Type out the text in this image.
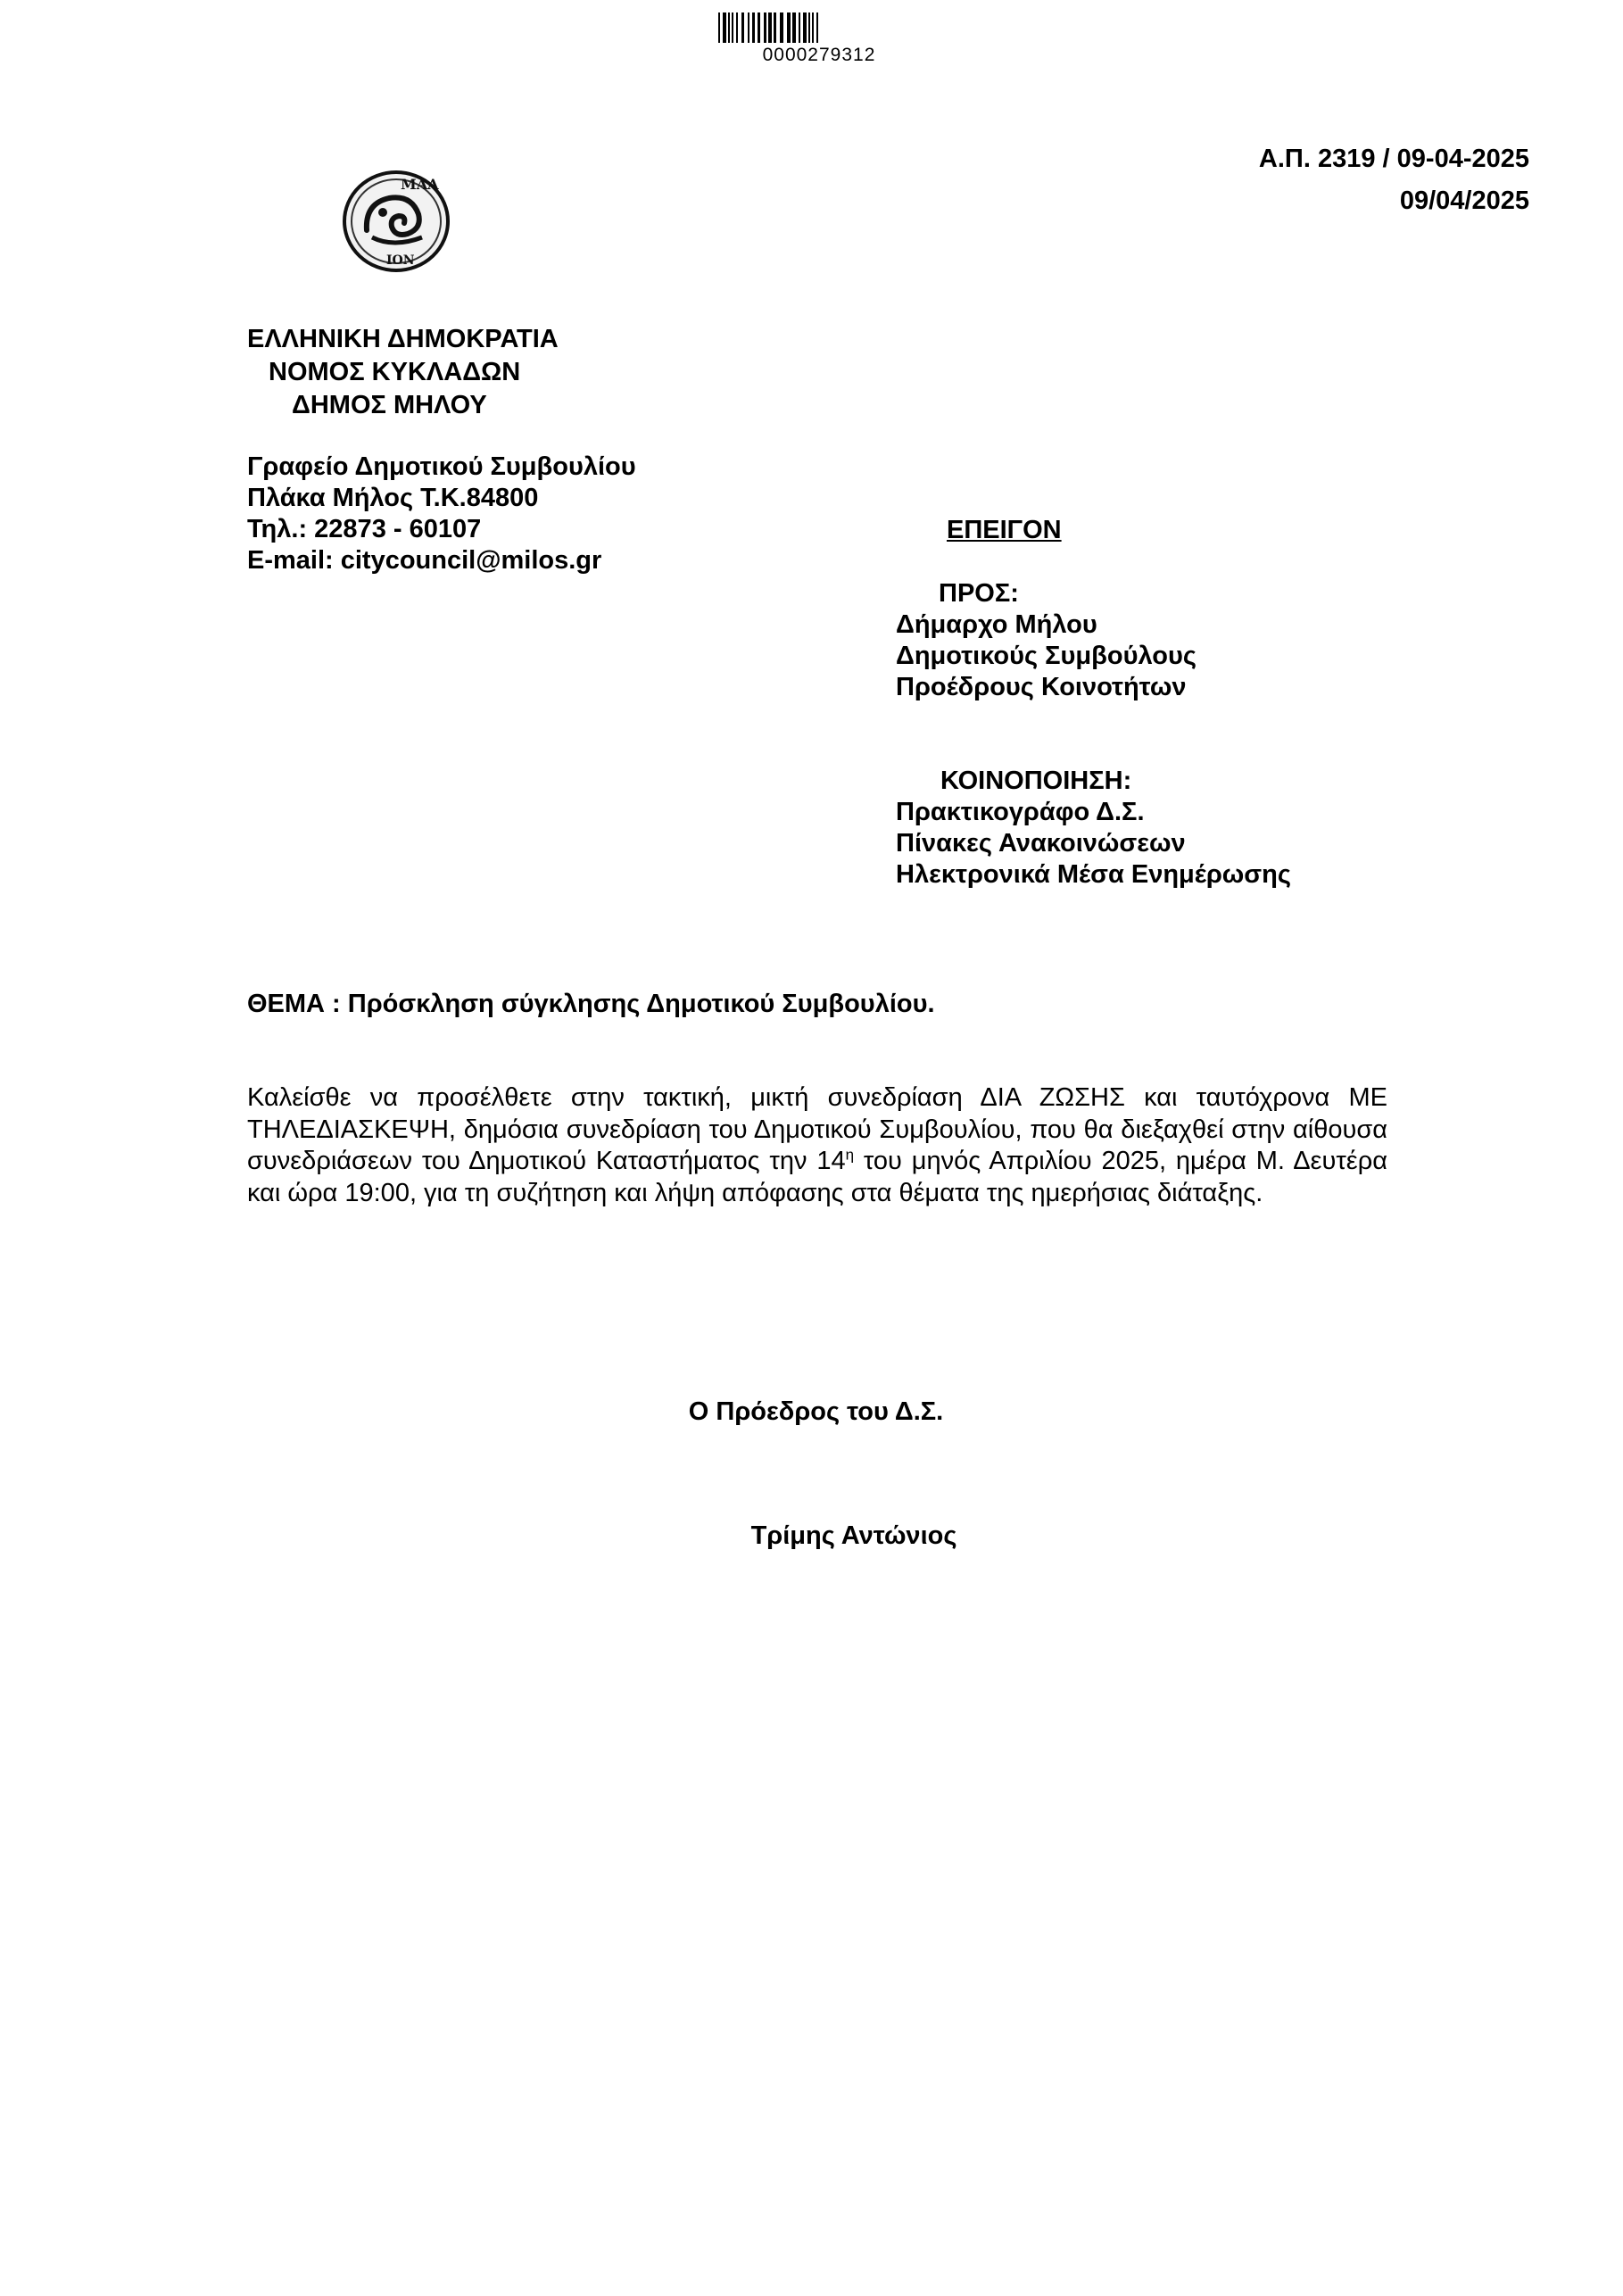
0000279312
Α.Π. 2319 / 09-04-2025
09/04/2025
ΜΑΛ
ΙΟΝ
ΕΛΛΗΝΙΚΗ ΔΗΜΟΚΡΑΤΙΑ
ΝΟΜΟΣ ΚΥΚΛΑΔΩΝ
ΔΗΜΟΣ ΜΗΛΟΥ
Γραφείο Δημοτικού Συμβουλίου
Πλάκα Μήλος Τ.Κ.84800
Τηλ.: 22873 - 60107
E-mail: citycouncil@milos.gr
ΕΠΕΙΓΟΝ
ΠΡΟΣ:
Δήμαρχο Μήλου
Δημοτικούς Συμβούλους
Προέδρους Κοινοτήτων
ΚΟΙΝΟΠΟΙΗΣΗ:
Πρακτικογράφο Δ.Σ.
Πίνακες Ανακοινώσεων
Ηλεκτρονικά Μέσα Ενημέρωσης
ΘΕΜΑ : Πρόσκληση σύγκλησης Δημοτικού Συμβουλίου.
Καλείσθε να προσέλθετε στην τακτική, μικτή συνεδρίαση ΔΙΑ ΖΩΣΗΣ και ταυτόχρονα ΜΕ ΤΗΛΕΔΙΑΣΚΕΨΗ, δημόσια συνεδρίαση του Δημοτικού Συμβουλίου, που θα διεξαχθεί στην αίθουσα συνεδριάσεων του Δημοτικού Καταστήματος την $14^\eta$ του μηνός Απριλίου 2025, ημέρα Μ. Δευτέρα και ώρα 19:00, για τη συζήτηση και λήψη απόφασης στα θέματα της ημερήσιας διάταξης.
Ο Πρόεδρος του Δ.Σ.
Τρίμης Αντώνιος
